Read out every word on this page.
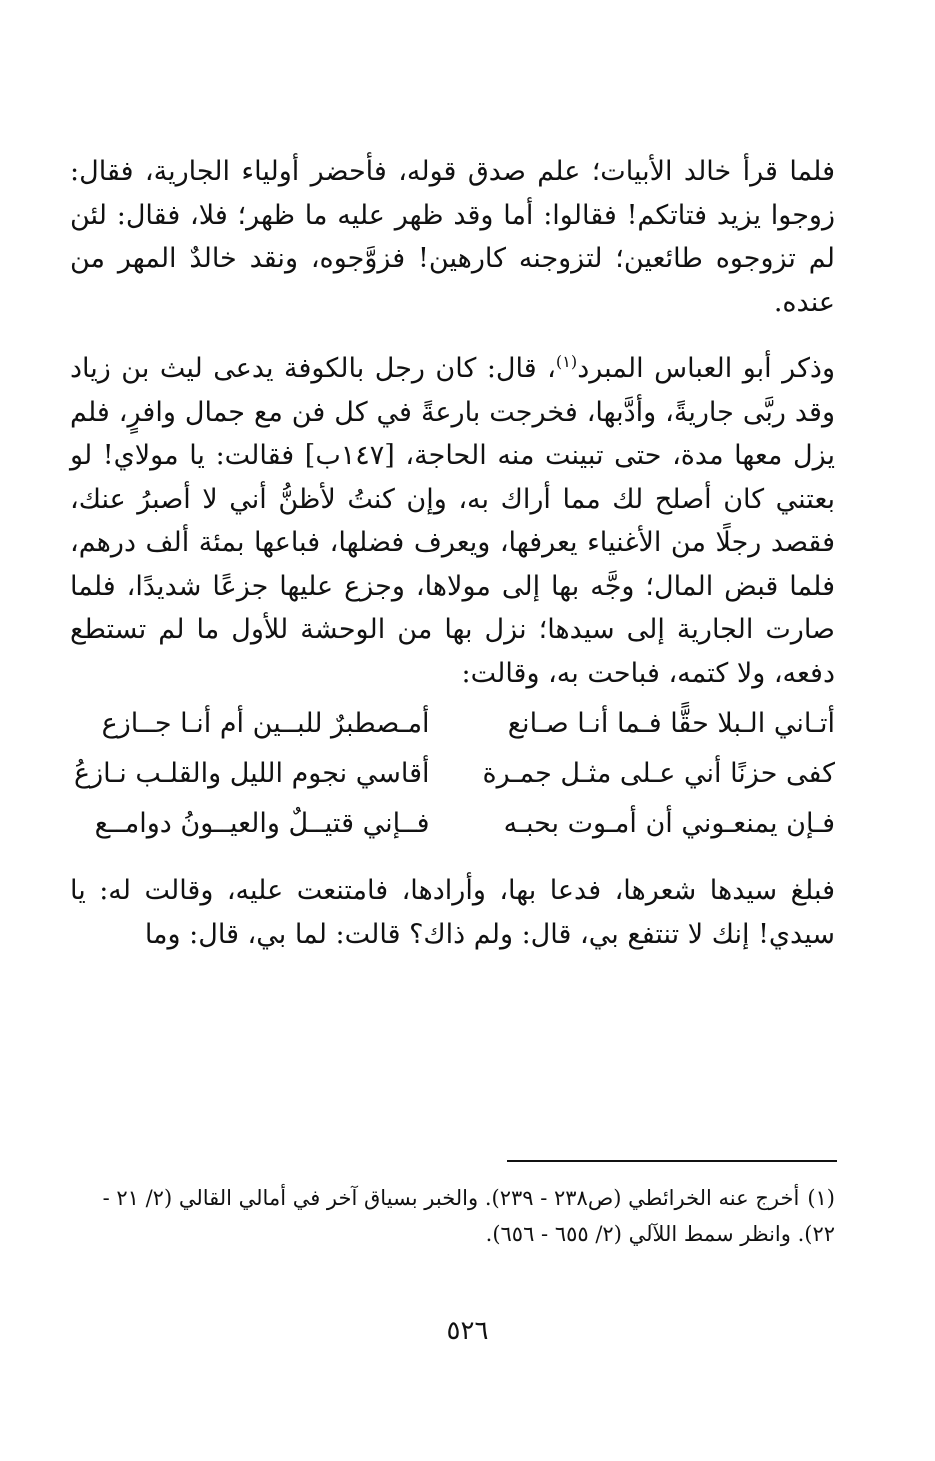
فلما قرأ خالد الأبيات؛ علم صدق قوله، فأحضر أولياء الجارية، فقال: زوجوا يزيد فتاتكم! فقالوا: أما وقد ظهر عليه ما ظهر؛ فلا، فقال: لئن لم تزوجوه طائعين؛ لتزوجنه كارهين! فزوَّجوه، ونقد خالدٌ المهر من عنده.

وذكر أبو العباس المبرد$^{(١)}$، قال: كان رجل بالكوفة يدعى ليث بن زياد وقد ربَّى جاريةً، وأدَّبها، فخرجت بارعةً في كل فن مع جمال وافرٍ، فلم يزل معها مدة، حتى تبينت منه الحاجة، [١٤٧ب] فقالت: يا مولاي! لو بعتني كان أصلح لك مما أراك به، وإن كنتُ لأظنُّ أني لا أصبرُ عنك، فقصد رجلًا من الأغنياء يعرفها، ويعرف فضلها، فباعها بمئة ألف درهم، فلما قبض المال؛ وجَّه بها إلى مولاها، وجزع عليها جزعًا شديدًا، فلما صارت الجارية إلى سيدها؛ نزل بها من الوحشة للأول ما لم تستطع دفعه، ولا كتمه، فباحت به، وقالت:

أتـاني الـبلا حقًّا فـما أنـا صـانع
أمـصطبرٌ للبــين أم أنـا جــازع
كفى حزنًا أني عـلى مثـل جمـرة
أقاسي نجوم الليل والقلـب نـازعُ
فـإن يمنعـوني أن أمـوت بحبـه
فــإني قتيــلٌ والعيــونُ دوامــع

فبلغ سيدها شعرها، فدعا بها، وأرادها، فامتنعت عليه، وقالت له: يا سيدي! إنك لا تنتفع بي، قال: ولم ذاك؟ قالت: لما بي، قال: وما

(١)أخرج عنه الخرائطي (ص٢٣٨ - ٢٣٩). والخبر بسياق آخر في أمالي القالي (٢/ ٢١ - ٢٢). وانظر سمط اللآلي (٢/ ٦٥٥ - ٦٥٦).

٥٢٦
